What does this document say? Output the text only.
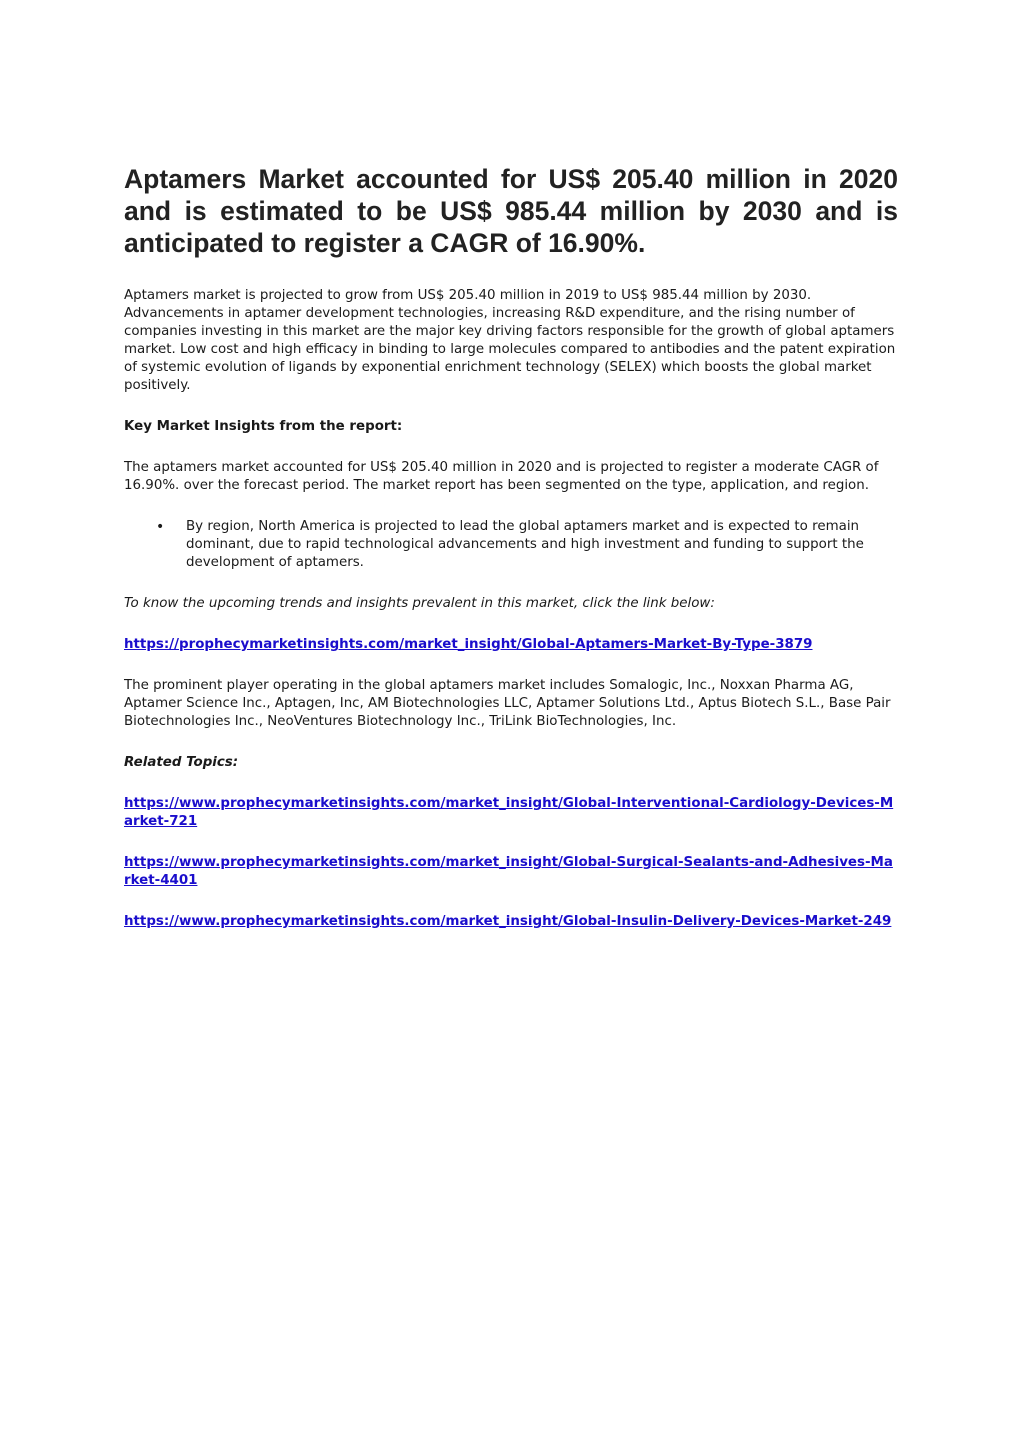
Aptamers Market accounted for US$ 205.40 million in 2020 and is estimated to be US$ 985.44 million by 2030 and is anticipated to register a CAGR of 16.90%.

Aptamers market is projected to grow from US$ 205.40 million in 2019 to US$ 985.44 million by 2030. Advancements in aptamer development technologies, increasing R&D expenditure, and the rising number of companies investing in this market are the major key driving factors responsible for the growth of global aptamers market. Low cost and high efficacy in binding to large molecules compared to antibodies and the patent expiration of systemic evolution of ligands by exponential enrichment technology (SELEX) which boosts the global market positively.

Key Market Insights from the report:

The aptamers market accounted for US$ 205.40 million in 2020 and is projected to register a moderate CAGR of 16.90%. over the forecast period. The market report has been segmented on the type, application, and region.

• By region, North America is projected to lead the global aptamers market and is expected to remain dominant, due to rapid technological advancements and high investment and funding to support the development of aptamers.

To know the upcoming trends and insights prevalent in this market, click the link below:

https://prophecymarketinsights.com/market_insight/Global-Aptamers-Market-By-Type-3879

The prominent player operating in the global aptamers market includes Somalogic, Inc., Noxxan Pharma AG, Aptamer Science Inc., Aptagen, Inc, AM Biotechnologies LLC, Aptamer Solutions Ltd., Aptus Biotech S.L., Base Pair Biotechnologies Inc., NeoVentures Biotechnology Inc., TriLink BioTechnologies, Inc.

Related Topics:

https://www.prophecymarketinsights.com/market_insight/Global-Interventional-Cardiology-Devices-Market-721
https://www.prophecymarketinsights.com/market_insight/Global-Surgical-Sealants-and-Adhesives-Market-4401
https://www.prophecymarketinsights.com/market_insight/Global-Insulin-Delivery-Devices-Market-249
